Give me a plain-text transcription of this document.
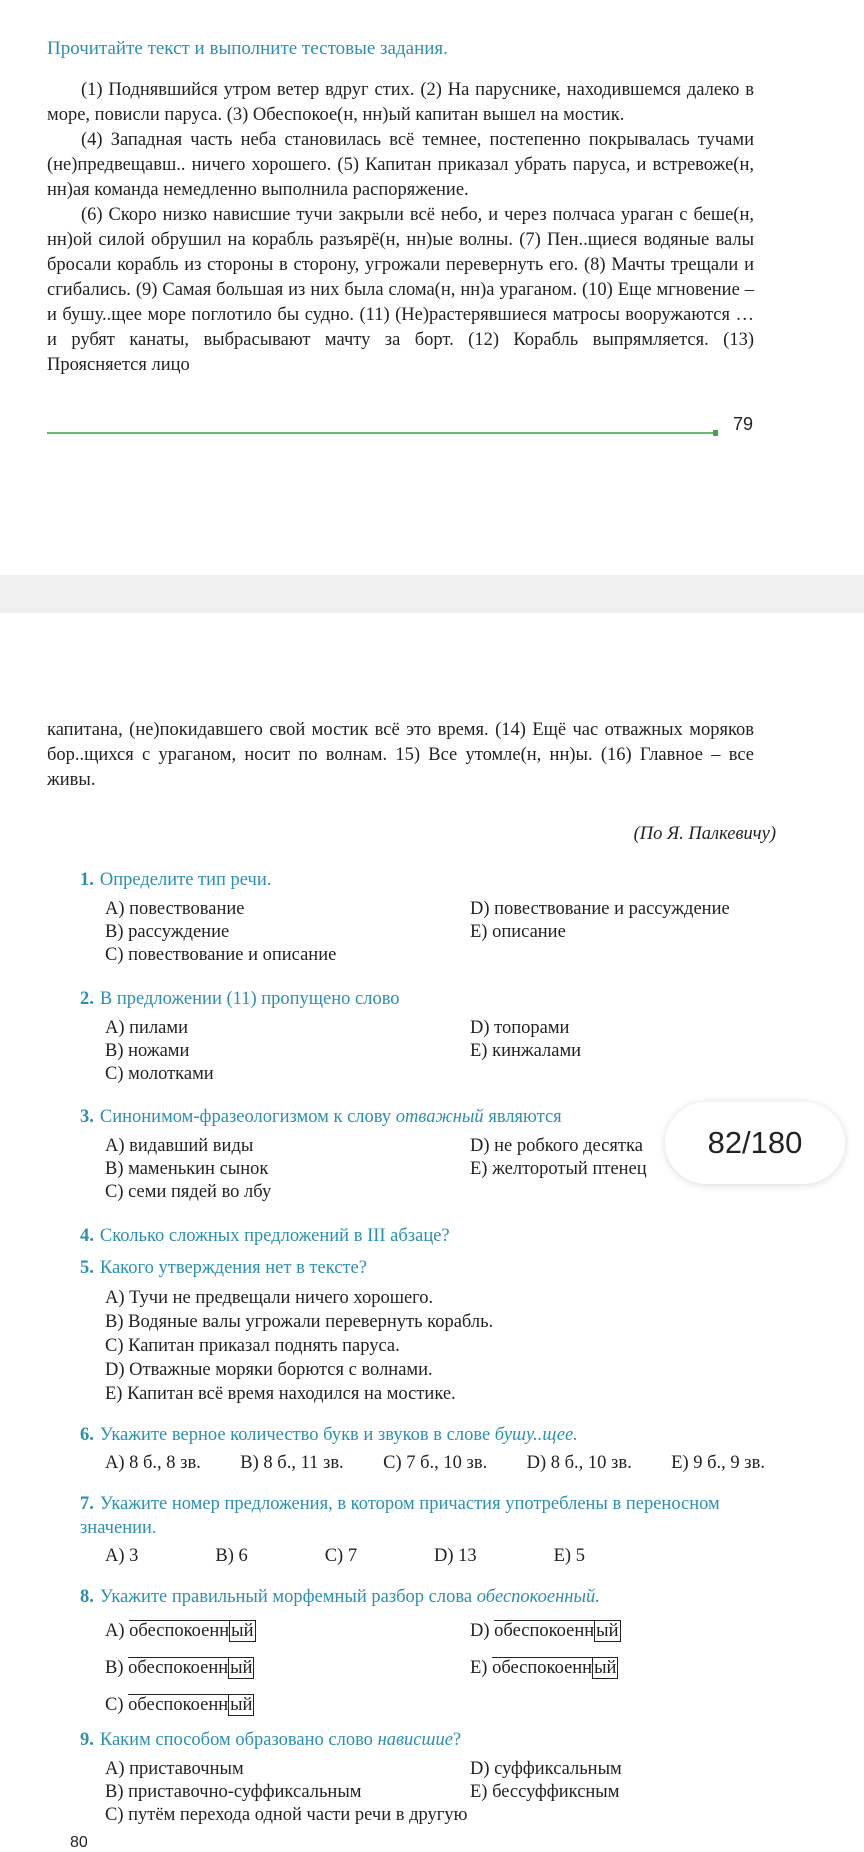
Прочитайте текст и выполните тестовые задания.

(1) Поднявшийся утром ветер вдруг стих. (2) На паруснике, находившемся далеко в море, повисли паруса. (3) Обеспокое(н, нн)ый капитан вышел на мостик.

(4) Западная часть неба становилась всё темнее, постепенно покрывалась тучами (не)предвещавш.. ничего хорошего. (5) Капитан приказал убрать паруса, и встревоже(н, нн)ая команда немедленно выполнила распоряжение.

(6) Скоро низко нависшие тучи закрыли всё небо, и через полчаса ураган с беше(н, нн)ой силой обрушил на корабль разъярё(н, нн)ые волны. (7) Пен..щиеся водяные валы бросали корабль из стороны в сторону, угрожали перевернуть его. (8) Мачты трещали и сгибались. (9) Самая большая из них была слома(н, нн)а ураганом. (10) Еще мгновение – и бушу..щее море поглотило бы судно. (11) (Не)растерявшиеся матросы вооружаются … и рубят канаты, выбрасывают мачту за борт. (12) Корабль выпрямляется. (13) Проясняется лицо

79

капитана, (не)покидавшего свой мостик всё это время. (14) Ещё час отважных моряков бор..щихся с ураганом, носит по волнам. 15) Все утомле(н, нн)ы. (16) Главное – все живы.

(По Я. Палкевичу)
1. Определите тип речи.
A) повествование	D) повествование и рассуждение
B) рассуждение	E) описание
C) повествование и описание
2. В предложении (11) пропущено слово
A) пилами	D) топорами
B) ножами	E) кинжалами
C) молотками
3. Синонимом-фразеологизмом к слову отважный являются
A) видавший виды	D) не робкого десятка
B) маменькин сынок	E) желторотый птенец
C) семи пядей во лбу
4. Сколько сложных предложений в III абзаце?
5. Какого утверждения нет в тексте?
A) Тучи не предвещали ничего хорошего.
B) Водяные валы угрожали перевернуть корабль.
C) Капитан приказал поднять паруса.
D) Отважные моряки борются с волнами.
E) Капитан всё время находился на мостике.
6. Укажите верное количество букв и звуков в слове бушу..щее.
A) 8 б., 8 зв. B) 8 б., 11 зв. C) 7 б., 10 зв. D) 8 б., 10 зв. E) 9 б., 9 зв.
7. Укажите номер предложения, в котором причастия употреблены в переносном значении.
A) 3	B) 6	C) 7	D) 13	E) 5
8. Укажите правильный морфемный разбор слова обеспокоенный.
A) обеспокоенн ый	D) обеспокоенн ый
B) обеспокоенн ый	E) обеспокоенн ый
C) обеспокоенн ый
9. Каким способом образовано слово нависшие?
A) приставочным	D) суффиксальным
B) приставочно-суффиксальным	E) бессуффиксным
C) путём перехода одной части речи в другую
82/180
80
